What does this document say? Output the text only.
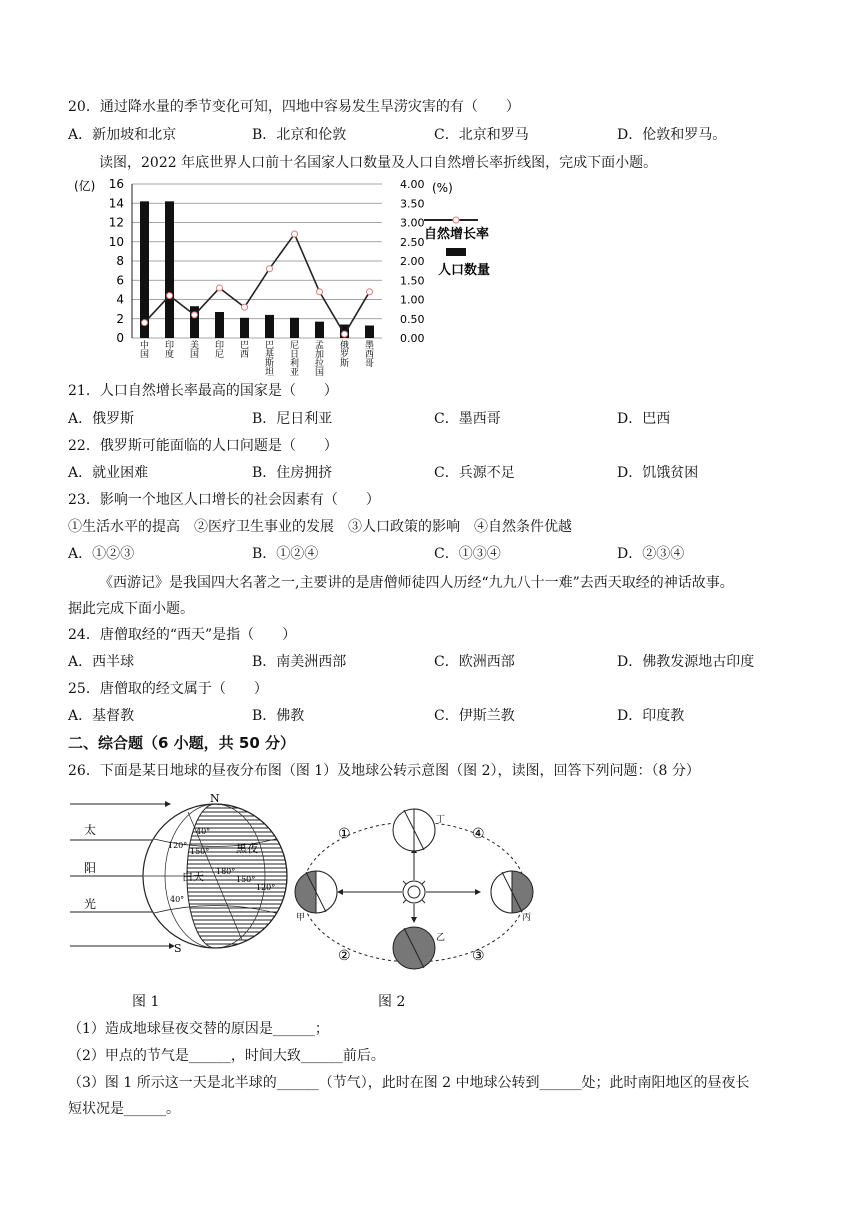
20．通过降水量的季节变化可知，四地中容易发生旱涝灾害的有（　　）
A．新加坡和北京	B．北京和伦敦	C．北京和罗马	D．伦敦和罗马。
读图，2022 年底世界人口前十名国家人口数量及人口自然增长率折线图，完成下面小题。
0
2
4
6
8
10
12
14
16
0.00
0.50
1.00
1.50
2.00
2.50
3.00
3.50
4.00
中国
印度
美国
印尼
巴西
巴基斯坦
尼日利亚
孟加拉国
俄罗斯
墨西哥
(亿)	(%)
自然增长率
人口数量
21．人口自然增长率最高的国家是（　　）
A．俄罗斯	B．尼日利亚	C．墨西哥	D．巴西
22．俄罗斯可能面临的人口问题是（　　）
A．就业困难	B．住房拥挤	C．兵源不足	D．饥饿贫困
23．影响一个地区人口增长的社会因素有（　　）
①生活水平的提高　②医疗卫生事业的发展　③人口政策的影响　④自然条件优越
A．①②③	B．①②④	C．①③④	D．②③④
《西游记》是我国四大名著之一,主要讲的是唐僧师徒四人历经“九九八十一难”去西天取经的神话故事。
据此完成下面小题。
24．唐僧取经的“西天”是指（　　）
A．西半球	B．南美洲西部	C．欧洲西部	D．佛教发源地古印度
25．唐僧取的经文属于（　　）
A．基督教	B．佛教	C．伊斯兰教	D．印度教
二、综合题（6 小题，共 50 分）
26．下面是某日地球的昼夜分布图（图 1）及地球公转示意图（图 2），读图，回答下列问题：（8 分）
太
阳
光
N
S
白天
黑夜
40°
40°
120°
150°
180°
150°
120°
甲
乙
丙
丁
①
②	③
④
图 1	图 2
（1）造成地球昼夜交替的原因是______；
（2）甲点的节气是______，时间大致______前后。
（3）图 1 所示这一天是北半球的______（节气），此时在图 2 中地球公转到______处；此时南阳地区的昼夜长
短状况是______。
